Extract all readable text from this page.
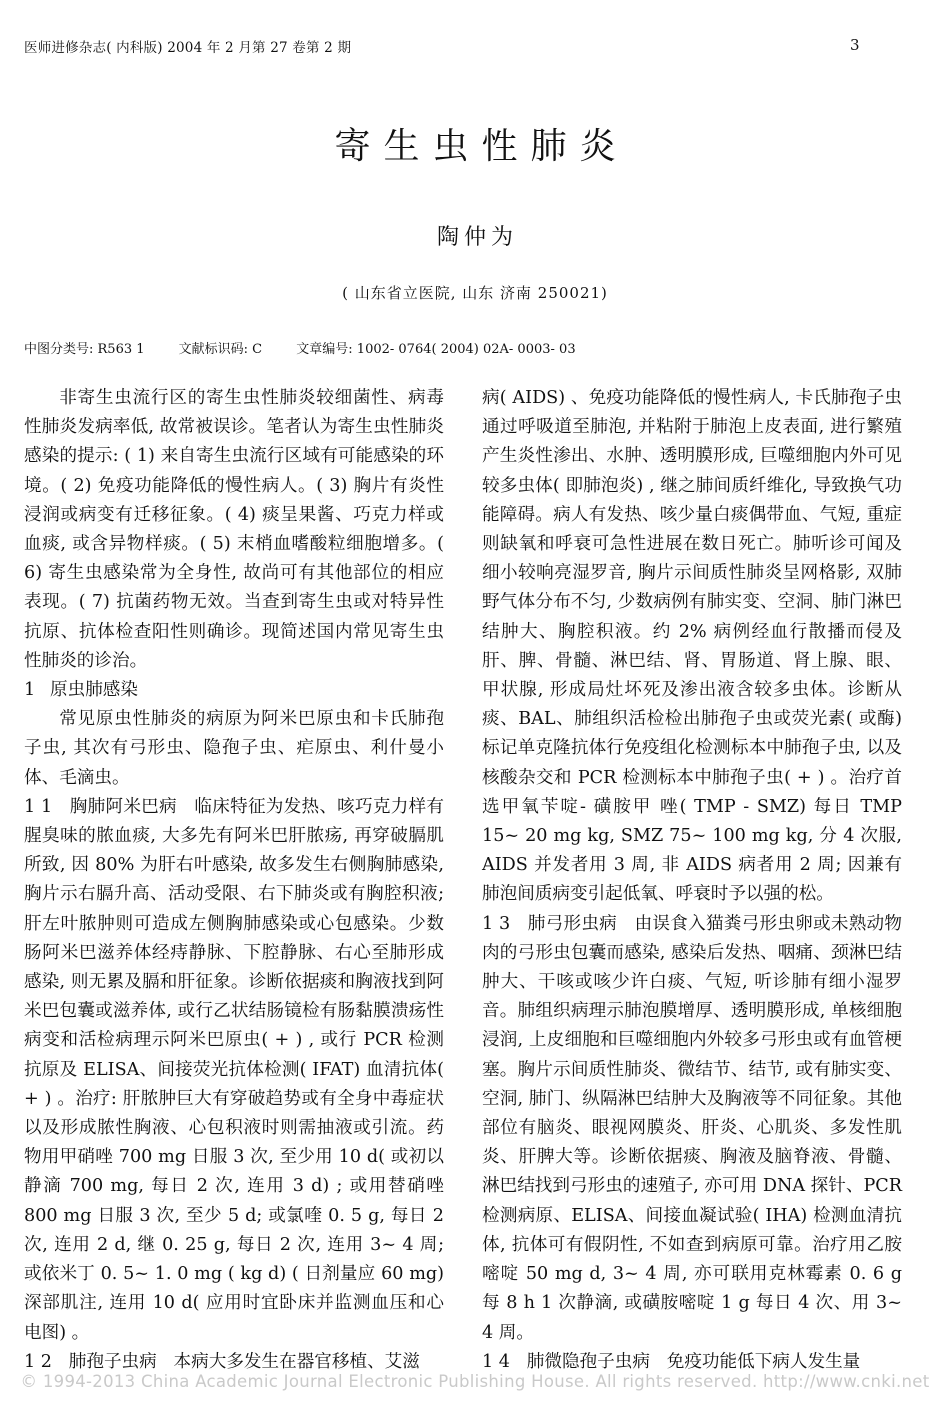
医师进修杂志( 内科版) 2004 年 2 月第 27 卷第 2 期	3
寄生虫性肺炎
陶仲为
( 山东省立医院, 山东 济南 250021)
中图分类号: R563 1	文献标识码: C	文章编号: 1002- 0764( 2004) 02A- 0003- 03

非寄生虫流行区的寄生虫性肺炎较细菌性、病毒性肺炎发病率低, 故常被误诊。笔者认为寄生虫性肺炎感染的提示: ( 1) 来自寄生虫流行区域有可能感染的环境。( 2) 免疫功能降低的慢性病人。( 3) 胸片有炎性浸润或病变有迁移征象。( 4) 痰呈果酱、巧克力样或血痰, 或含异物样痰。( 5) 末梢血嗜酸粒细胞增多。( 6) 寄生虫感染常为全身性, 故尚可有其他部位的相应表现。( 7) 抗菌药物无效。当查到寄生虫或对特异性抗原、抗体检查阳性则确诊。现简述国内常见寄生虫性肺炎的诊治。

1 原虫肺感染

常见原虫性肺炎的病原为阿米巴原虫和卡氏肺孢子虫, 其次有弓形虫、隐孢子虫、疟原虫、利什曼小体、毛滴虫。

1 1 胸肺阿米巴病 临床特征为发热、咳巧克力样有腥臭味的脓血痰, 大多先有阿米巴肝脓疡, 再穿破膈肌所致, 因 80% 为肝右叶感染, 故多发生右侧胸肺感染, 胸片示右膈升高、活动受限、右下肺炎或有胸腔积液; 肝左叶脓肿则可造成左侧胸肺感染或心包感染。少数肠阿米巴滋养体经痔静脉、下腔静脉、右心至肺形成感染, 则无累及膈和肝征象。诊断依据痰和胸液找到阿米巴包囊或滋养体, 或行乙状结肠镜检有肠黏膜溃疡性病变和活检病理示阿米巴原虫( + ) , 或行 PCR 检测抗原及 ELISA、间接荧光抗体检测( IFAT) 血清抗体( + ) 。治疗: 肝脓肿巨大有穿破趋势或有全身中毒症状以及形成脓性胸液、心包积液时则需抽液或引流。药物用甲硝唑 700 mg 日服 3 次, 至少用 10 d( 或初以静滴 700 mg, 每日 2 次, 连用 3 d) ; 或用替硝唑 800 mg 日服 3 次, 至少 5 d; 或氯喹 0. 5 g, 每日 2 次, 连用 2 d, 继 0. 25 g, 每日 2 次, 连用 3~ 4 周; 或依米丁 0. 5~ 1. 0 mg ( kg d) ( 日剂量应 60 mg) 深部肌注, 连用 10 d( 应用时宜卧床并监测血压和心电图) 。

1 2 肺孢子虫病 本病大多发生在器官移植、艾滋

病( AIDS) 、免疫功能降低的慢性病人, 卡氏肺孢子虫通过呼吸道至肺泡, 并粘附于肺泡上皮表面, 进行繁殖产生炎性渗出、水肿、透明膜形成, 巨噬细胞内外可见较多虫体( 即肺泡炎) , 继之肺间质纤维化, 导致换气功能障碍。病人有发热、咳少量白痰偶带血、气短, 重症则缺氧和呼衰可急性进展在数日死亡。肺听诊可闻及细小较响亮湿罗音, 胸片示间质性肺炎呈网格影, 双肺野气体分布不匀, 少数病例有肺实变、空洞、肺门淋巴结肿大、胸腔积液。约 2% 病例经血行散播而侵及肝、脾、骨髓、淋巴结、肾、胃肠道、肾上腺、眼、甲状腺, 形成局灶坏死及渗出液含较多虫体。诊断从痰、BAL、肺组织活检检出肺孢子虫或荧光素( 或酶) 标记单克隆抗体行免疫组化检测标本中肺孢子虫, 以及核酸杂交和 PCR 检测标本中肺孢子虫( + ) 。治疗首选甲氧苄啶- 磺胺甲 唑( TMP - SMZ) 每日 TMP 15~ 20 mg kg, SMZ 75~ 100 mg kg, 分 4 次服, AIDS 并发者用 3 周, 非 AIDS 病者用 2 周; 因兼有肺泡间质病变引起低氧、呼衰时予以强的松。

1 3 肺弓形虫病 由误食入猫粪弓形虫卵或未熟动物肉的弓形虫包囊而感染, 感染后发热、咽痛、颈淋巴结肿大、干咳或咳少许白痰、气短, 听诊肺有细小湿罗音。肺组织病理示肺泡膜增厚、透明膜形成, 单核细胞浸润, 上皮细胞和巨噬细胞内外较多弓形虫或有血管梗塞。胸片示间质性肺炎、微结节、结节, 或有肺实变、空洞, 肺门、纵隔淋巴结肿大及胸液等不同征象。其他部位有脑炎、眼视网膜炎、肝炎、心肌炎、多发性肌炎、肝脾大等。诊断依据痰、胸液及脑脊液、骨髓、淋巴结找到弓形虫的速殖子, 亦可用 DNA 探针、PCR 检测病原、ELISA、间接血凝试验( IHA) 检测血清抗体, 抗体可有假阴性, 不如查到病原可靠。治疗用乙胺嘧啶 50 mg d, 3~ 4 周, 亦可联用克林霉素 0. 6 g 每 8 h 1 次静滴, 或磺胺嘧啶 1 g 每日 4 次、用 3~ 4 周。

1 4 肺微隐孢子虫病 免疫功能低下病人发生量

© 1994-2013 China Academic Journal Electronic Publishing House. All rights reserved. http://www.cnki.net
